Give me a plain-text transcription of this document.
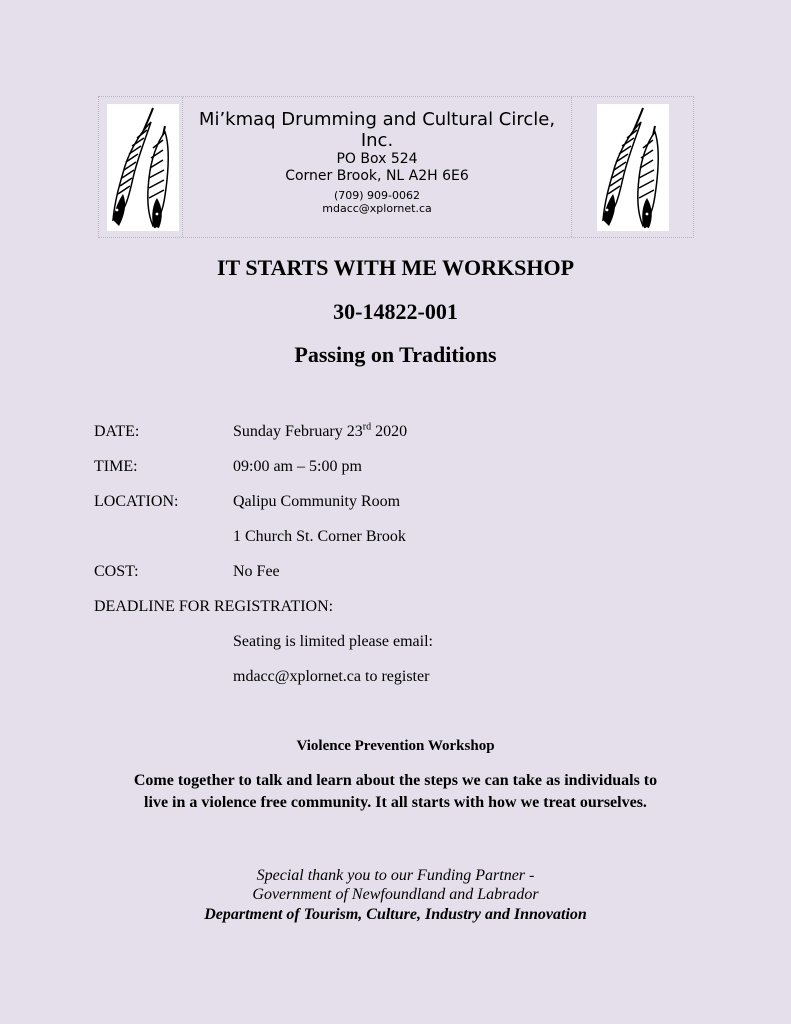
Mi’kmaq Drumming and Cultural Circle, Inc.
PO Box 524
Corner Brook, NL A2H 6E6
(709) 909-0062
mdacc@xplornet.ca
IT STARTS WITH ME WORKSHOP
30-14822-001
Passing on Traditions
DATE:	Sunday February 23rd 2020
TIME:	09:00 am – 5:00 pm
LOCATION:	Qalipu Community Room
1 Church St. Corner Brook
COST:	No Fee
DEADLINE FOR REGISTRATION:
Seating is limited please email:
mdacc@xplornet.ca to register
Violence Prevention Workshop
Come together to talk and learn about the steps we can take as individuals to
live in a violence free community. It all starts with how we treat ourselves.
Special thank you to our Funding Partner -
Government of Newfoundland and Labrador
Department of Tourism, Culture, Industry and Innovation
